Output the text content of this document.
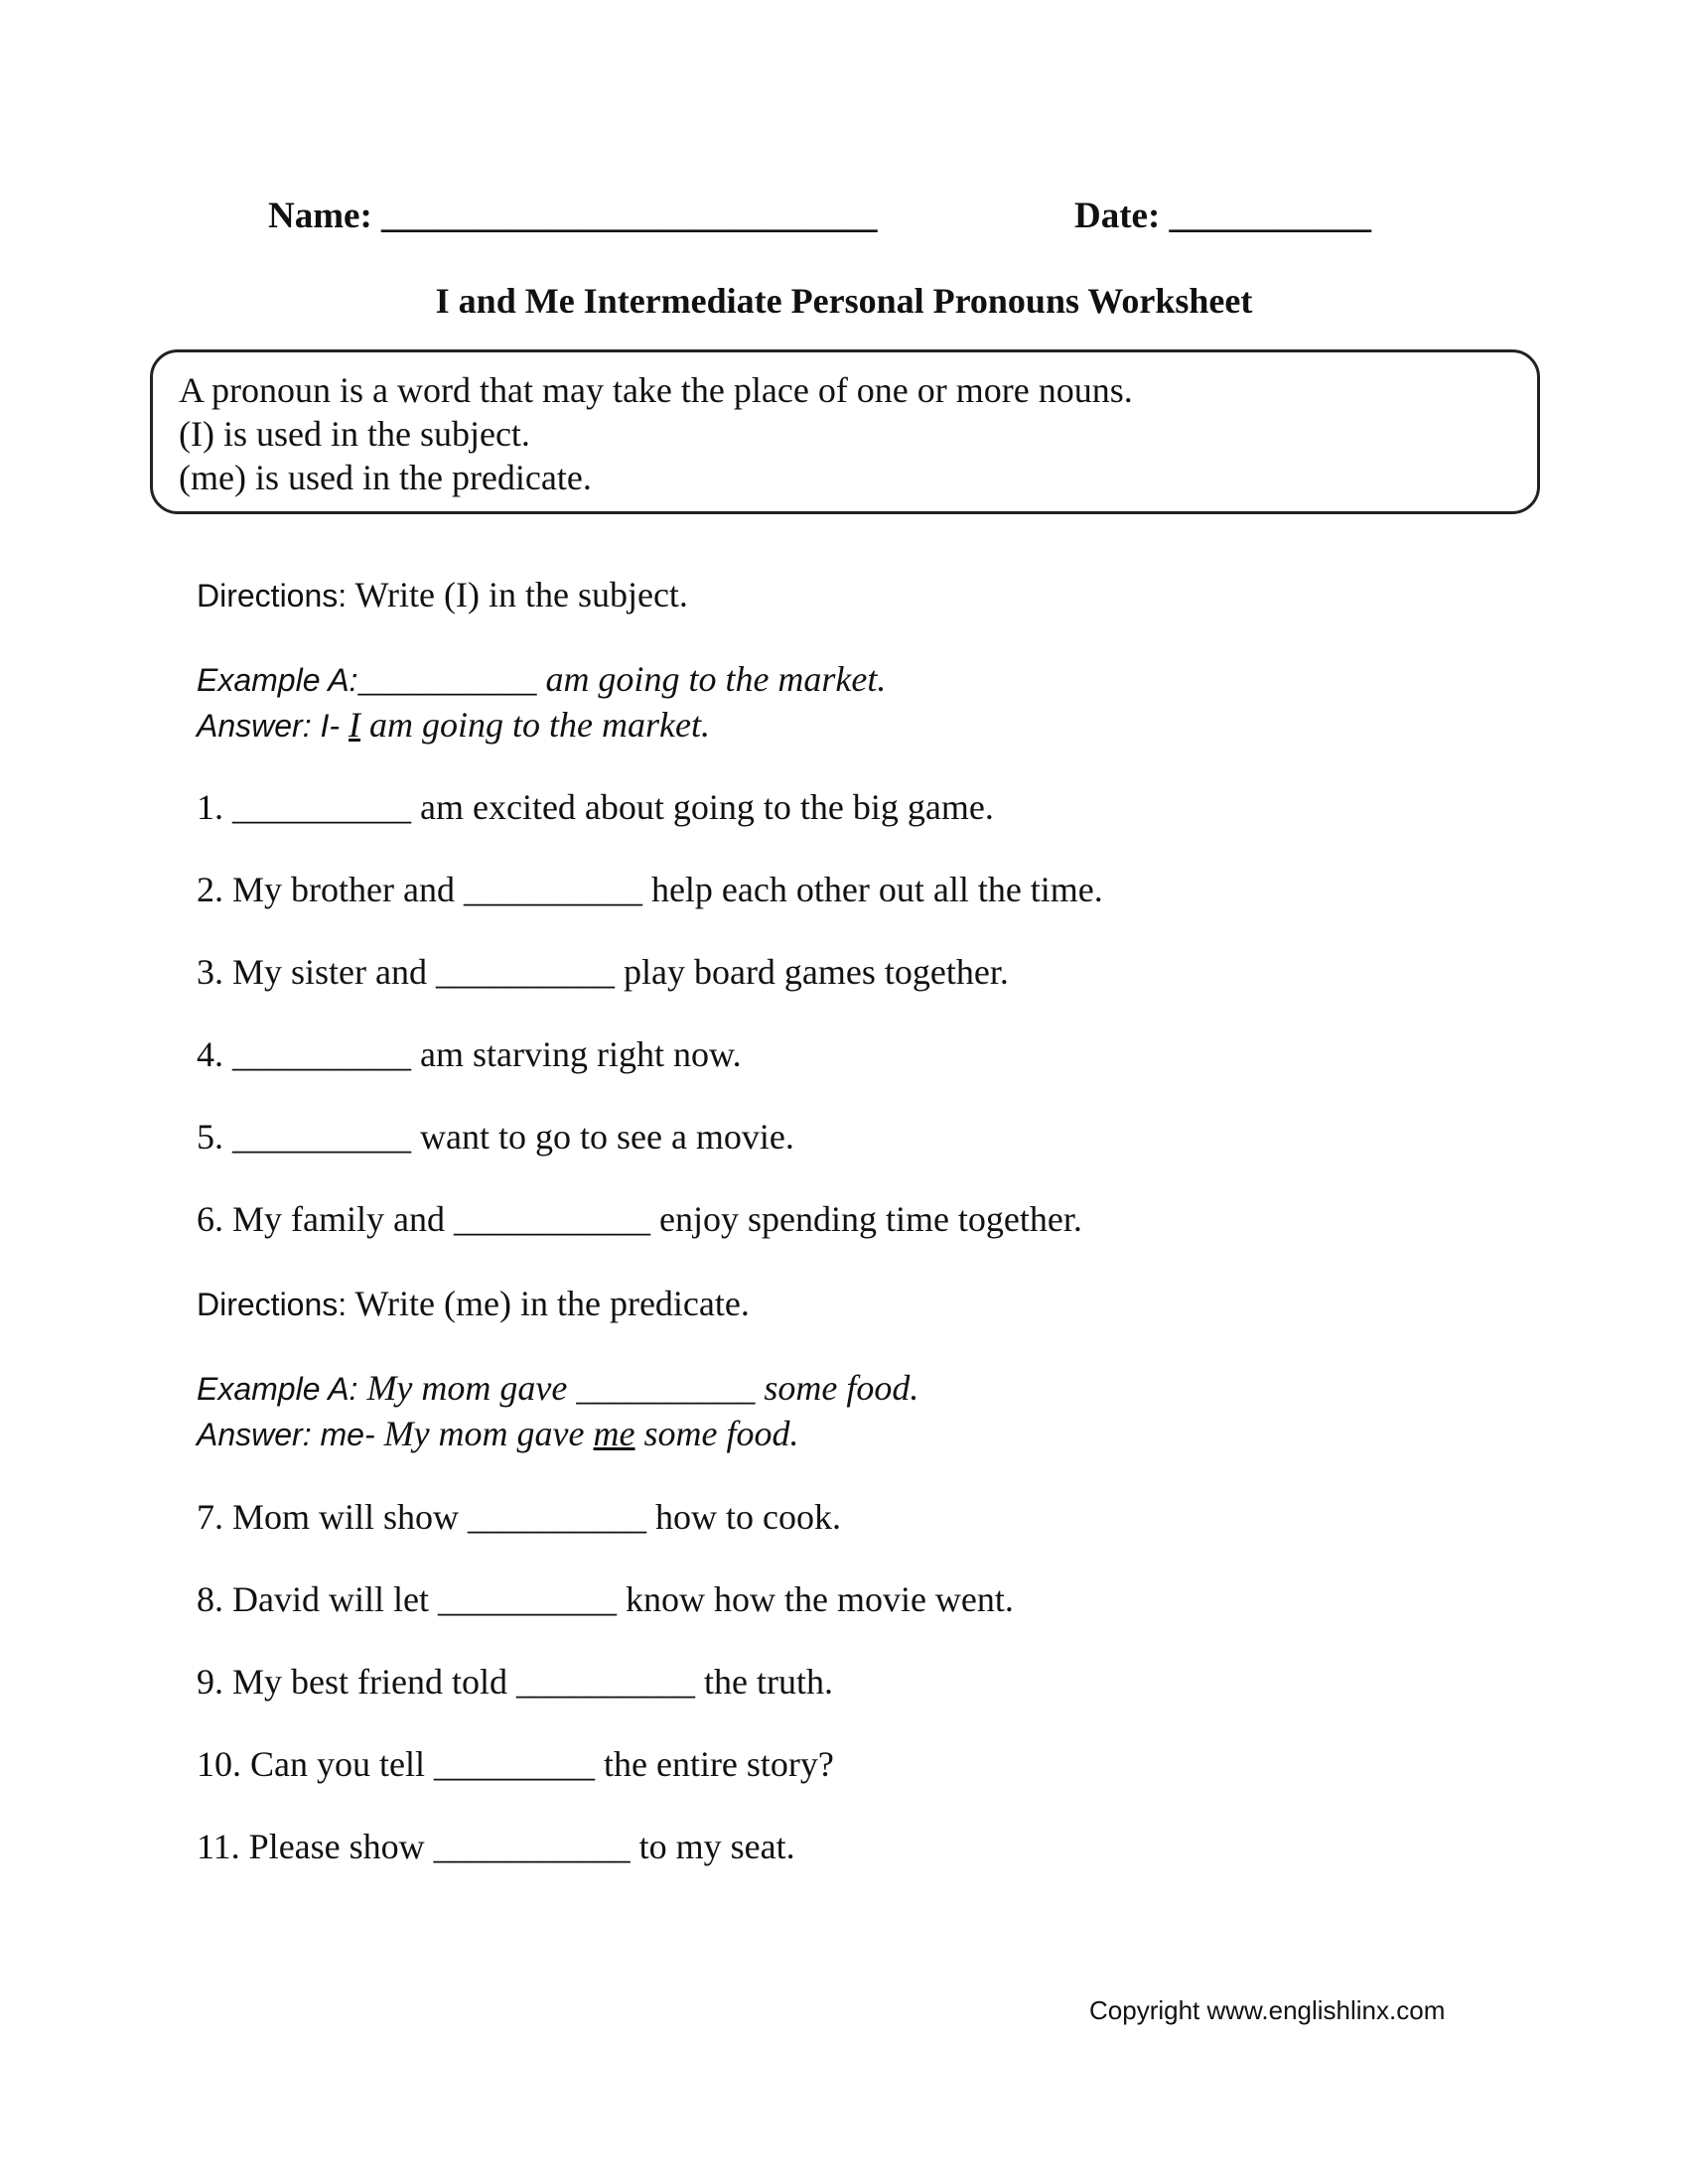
Name: ___________________________	Date: ___________
I and Me Intermediate Personal Pronouns Worksheet
A pronoun is a word that may take the place of one or more nouns.
(I) is used in the subject.
(me) is used in the predicate.
Directions: Write (I) in the subject.
Example A:__________ am going to the market.
Answer: I- I am going to the market.
1. __________ am excited about going to the big game.
2. My brother and __________ help each other out all the time.
3. My sister and __________ play board games together.
4. __________ am starving right now.
5. __________ want to go to see a movie.
6. My family and ___________ enjoy spending time together.
Directions: Write (me) in the predicate.
Example A: My mom gave __________ some food.
Answer: me- My mom gave me some food.
7. Mom will show __________ how to cook.
8. David will let __________ know how the movie went.
9. My best friend told __________ the truth.
10. Can you tell _________ the entire story?
11. Please show ___________ to my seat.
Copyright www.englishlinx.com
